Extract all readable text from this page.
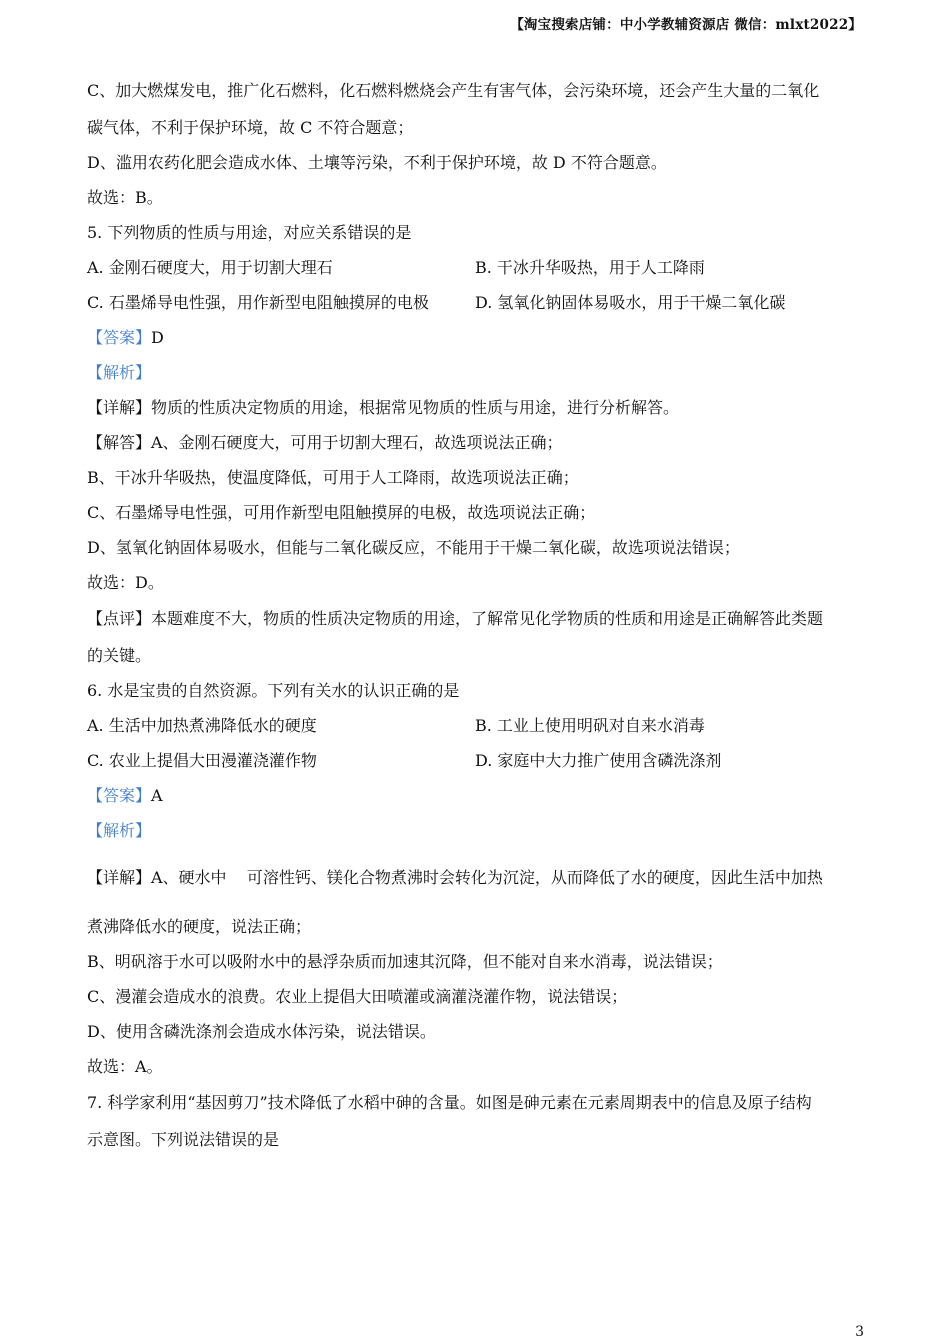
【淘宝搜索店铺：中小学教辅资源店 微信：mlxt2022】
C、加大燃煤发电，推广化石燃料，化石燃料燃烧会产生有害气体，会污染环境，还会产生大量的二氧化
碳气体，不利于保护环境，故 C 不符合题意；
D、滥用农药化肥会造成水体、土壤等污染，不利于保护环境，故 D 不符合题意。
故选：B。
5. 下列物质的性质与用途，对应关系错误的是
A. 金刚石硬度大，用于切割大理石	B. 干冰升华吸热，用于人工降雨
C. 石墨烯导电性强，用作新型电阻触摸屏的电极	D. 氢氧化钠固体易吸水，用于干燥二氧化碳
【答案】D
【解析】
【详解】物质的性质决定物质的用途，根据常见物质的性质与用途，进行分析解答。
【解答】A、金刚石硬度大，可用于切割大理石，故选项说法正确；
B、干冰升华吸热，使温度降低，可用于人工降雨，故选项说法正确；
C、石墨烯导电性强，可用作新型电阻触摸屏的电极，故选项说法正确；
D、氢氧化钠固体易吸水，但能与二氧化碳反应，不能用于干燥二氧化碳，故选项说法错误；
故选：D。
【点评】本题难度不大，物质的性质决定物质的用途，了解常见化学物质的性质和用途是正确解答此类题
的关键。
6. 水是宝贵的自然资源。下列有关水的认识正确的是
A. 生活中加热煮沸降低水的硬度	B. 工业上使用明矾对自来水消毒
C. 农业上提倡大田漫灌浇灌作物	D. 家庭中大力推广使用含磷洗涤剂
【答案】A
【解析】
【详解】A、硬水中    可溶性钙、镁化合物煮沸时会转化为沉淀，从而降低了水的硬度，因此生活中加热
煮沸降低水的硬度，说法正确；
B、明矾溶于水可以吸附水中的悬浮杂质而加速其沉降，但不能对自来水消毒，说法错误；
C、漫灌会造成水的浪费。农业上提倡大田喷灌或滴灌浇灌作物，说法错误；
D、使用含磷洗涤剂会造成水体污染，说法错误。
故选：A。
7. 科学家利用“基因剪刀”技术降低了水稻中砷的含量。如图是砷元素在元素周期表中的信息及原子结构
示意图。下列说法错误的是
3
